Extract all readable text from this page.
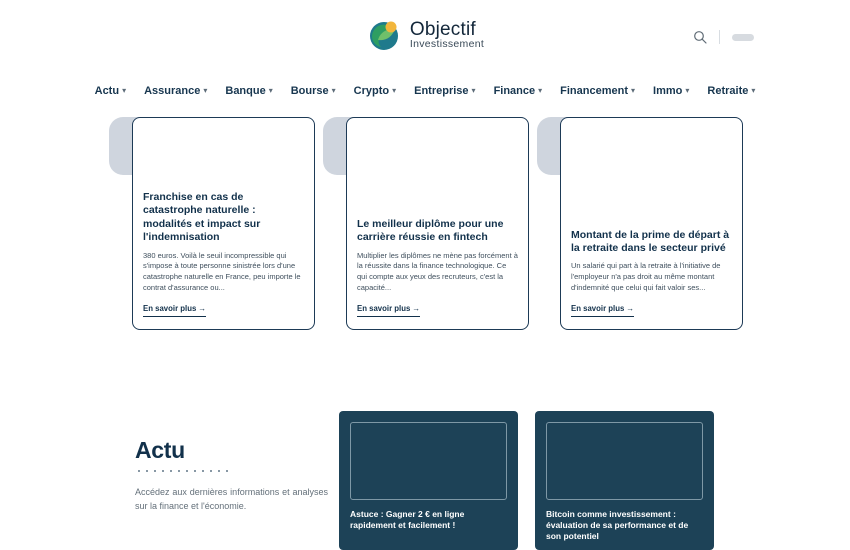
Objectif
Investissement
Actu ▾ Assurance ▾ Banque ▾ Bourse ▾ Crypto ▾ Entreprise ▾ Finance ▾ Financement ▾ Immo ▾ Retraite ▾
Franchise en cas de catastrophe naturelle : modalités et impact sur l'indemnisation

380 euros. Voilà le seuil incompressible qui s'impose à toute personne sinistrée lors d'une catastrophe naturelle en France, peu importe le contrat d'assurance ou...

En savoir plus →
Le meilleur diplôme pour une carrière réussie en fintech

Multiplier les diplômes ne mène pas forcément à la réussite dans la finance technologique. Ce qui compte aux yeux des recruteurs, c'est la capacité...

En savoir plus →
Montant de la prime de départ à la retraite dans le secteur privé

Un salarié qui part à la retraite à l'initiative de l'employeur n'a pas droit au même montant d'indemnité que celui qui fait valoir ses...

En savoir plus →
Actu

Accédez aux dernières informations et analyses sur la finance et l'économie.

Astuce : Gagner 2 € en ligne rapidement et facilement !
Bitcoin comme investissement : évaluation de sa performance et de son potentiel
